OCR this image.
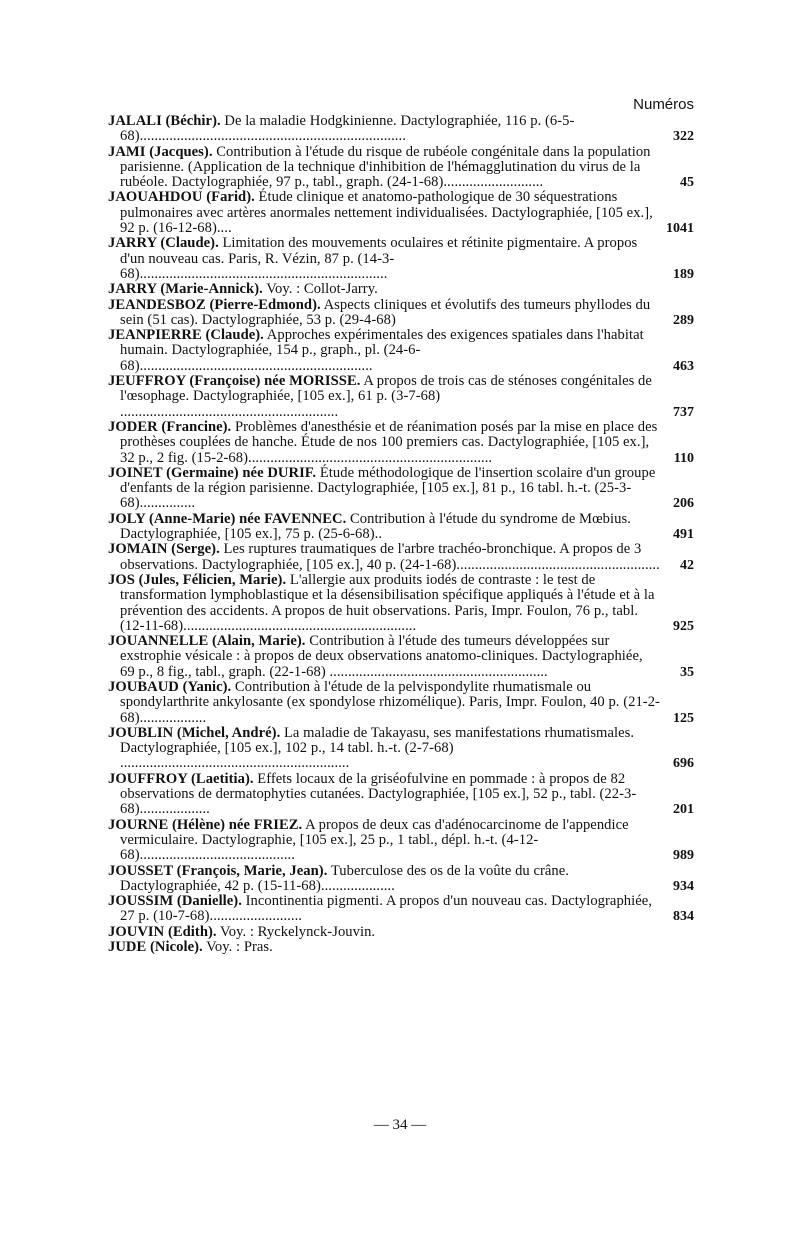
Numéros
JALALI (Béchir). De la maladie Hodgkinienne. Dactylographiée, 116 p. (6-5-68)........................................................................	322
JAMI (Jacques). Contribution à l'étude du risque de rubéole congénitale dans la population parisienne. (Application de la technique d'inhibition de l'hémagglutination du virus de la rubéole. Dactylographiée, 97 p., tabl., graph. (24-1-68)...........................	45
JAOUAHDOU (Farid). Étude clinique et anatomo-pathologique de 30 séquestrations pulmonaires avec artères anormales nettement individualisées. Dactylographiée, [105 ex.], 92 p. (16-12-68)....	1041
JARRY (Claude). Limitation des mouvements oculaires et rétinite pigmentaire. A propos d'un nouveau cas. Paris, R. Vézin, 87 p. (14-3-68)...................................................................	189
JARRY (Marie-Annick). Voy. : Collot-Jarry.
JEANDESBOZ (Pierre-Edmond). Aspects cliniques et évolutifs des tumeurs phyllodes du sein (51 cas). Dactylographiée, 53 p. (29-4-68)	289
JEANPIERRE (Claude). Approches expérimentales des exigences spatiales dans l'habitat humain. Dactylographiée, 154 p., graph., pl. (24-6-68)...............................................................	463
JEUFFROY (Françoise) née MORISSE. A propos de trois cas de sténoses congénitales de l'œsophage. Dactylographiée, [105 ex.], 61 p. (3-7-68) ...........................................................	737
JODER (Francine). Problèmes d'anesthésie et de réanimation posés par la mise en place des prothèses couplées de hanche. Étude de nos 100 premiers cas. Dactylographiée, [105 ex.], 32 p., 2 fig. (15-2-68)..................................................................	110
JOINET (Germaine) née DURIF. Étude méthodologique de l'insertion scolaire d'un groupe d'enfants de la région parisienne. Dactylographiée, [105 ex.], 81 p., 16 tabl. h.-t. (25-3-68)...............	206
JOLY (Anne-Marie) née FAVENNEC. Contribution à l'étude du syndrome de Mœbius. Dactylographiée, [105 ex.], 75 p. (25-6-68)..	491
JOMAIN (Serge). Les ruptures traumatiques de l'arbre trachéo-bronchique. A propos de 3 observations. Dactylographiée, [105 ex.], 40 p. (24-1-68).......................................................	42
JOS (Jules, Félicien, Marie). L'allergie aux produits iodés de contraste : le test de transformation lymphoblastique et la désensibilisation spécifique appliqués à l'étude et à la prévention des accidents. A propos de huit observations. Paris, Impr. Foulon, 76 p., tabl. (12-11-68)...............................................................	925
JOUANNELLE (Alain, Marie). Contribution à l'étude des tumeurs développées sur exstrophie vésicale : à propos de deux observations anatomo-cliniques. Dactylographiée, 69 p., 8 fig., tabl., graph. (22-1-68) ...........................................................	35
JOUBAUD (Yanic). Contribution à l'étude de la pelvispondylite rhumatismale ou spondylarthrite ankylosante (ex spondylose rhizomélique). Paris, Impr. Foulon, 40 p. (21-2-68)..................	125
JOUBLIN (Michel, André). La maladie de Takayasu, ses manifestations rhumatismales. Dactylographiée, [105 ex.], 102 p., 14 tabl. h.-t. (2-7-68) ..............................................................	696
JOUFFROY (Laetitia). Effets locaux de la griséofulvine en pommade : à propos de 82 observations de dermatophyties cutanées. Dactylographiée, [105 ex.], 52 p., tabl. (22-3-68)...................	201
JOURNE (Hélène) née FRIEZ. A propos de deux cas d'adénocarcinome de l'appendice vermiculaire. Dactylographie, [105 ex.], 25 p., 1 tabl., dépl. h.-t. (4-12-68)..........................................	989
JOUSSET (François, Marie, Jean). Tuberculose des os de la voûte du crâne. Dactylographiée, 42 p. (15-11-68)....................	934
JOUSSIM (Danielle). Incontinentia pigmenti. A propos d'un nouveau cas. Dactylographiée, 27 p. (10-7-68).........................	834
JOUVIN (Edith). Voy. : Ryckelynck-Jouvin.
JUDE (Nicole). Voy. : Pras.
— 34 —
